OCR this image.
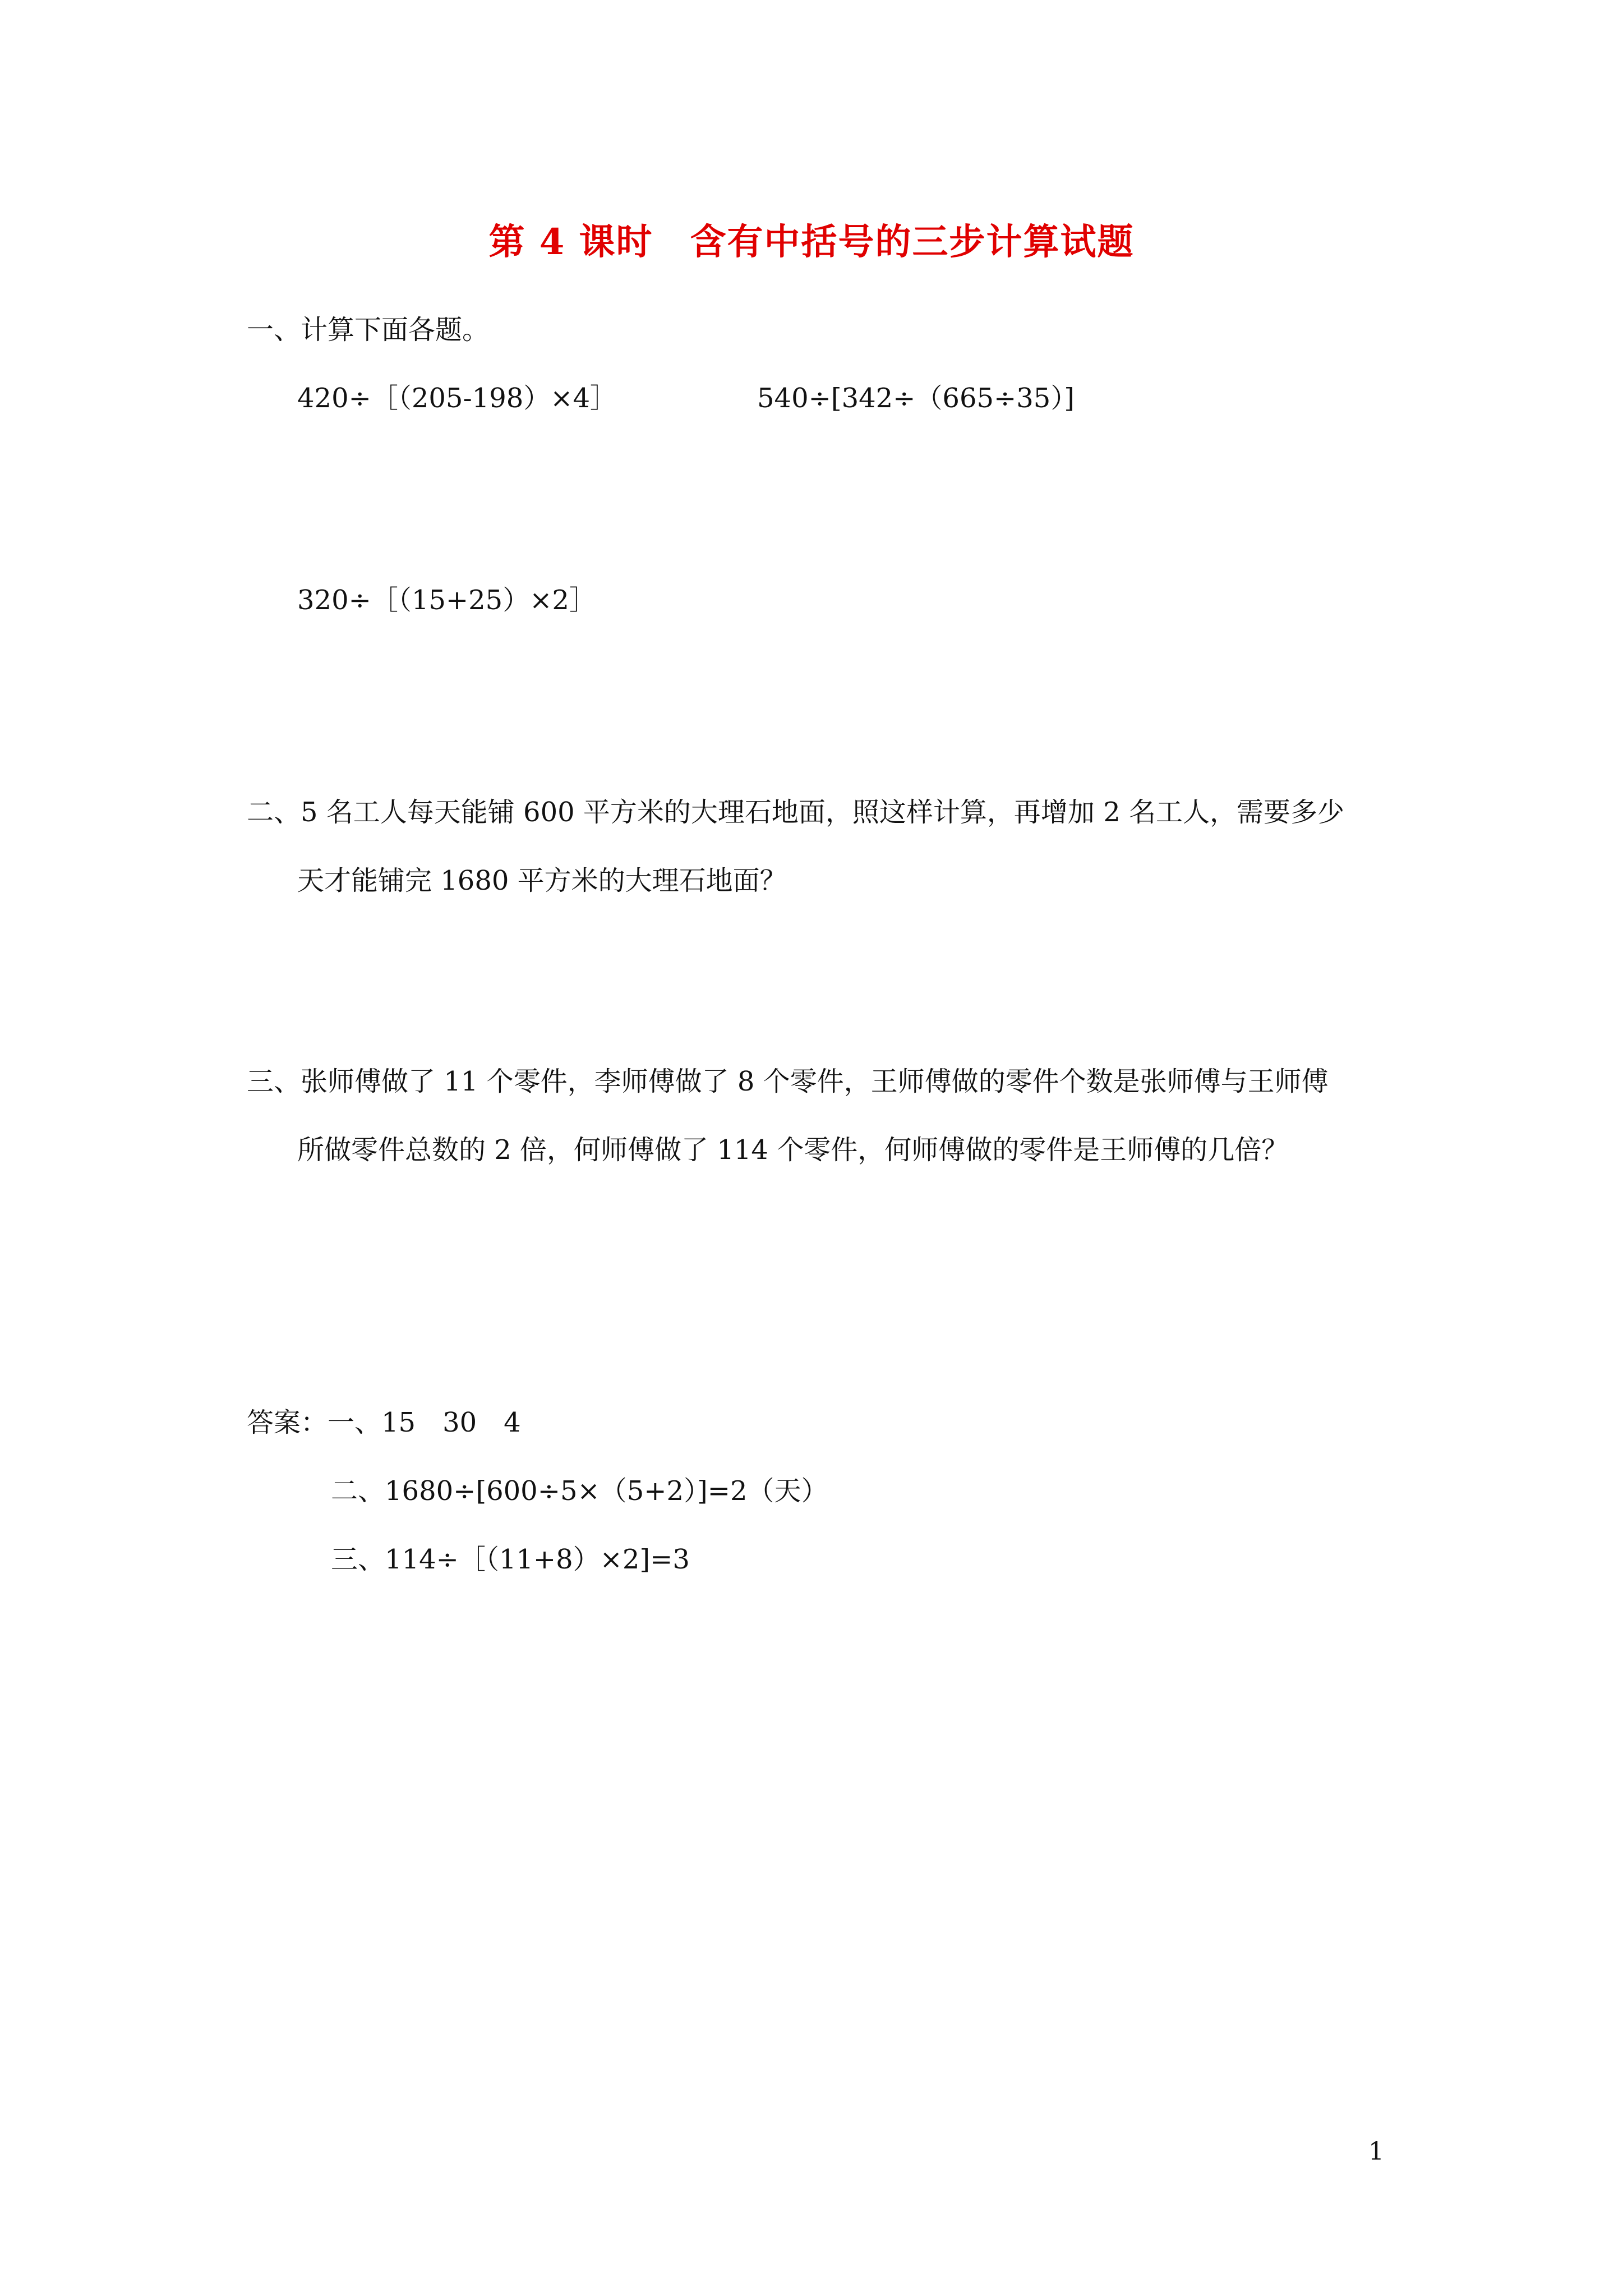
第 4 课时　含有中括号的三步计算试题
一、计算下面各题。
420÷［（205-198）×4］	540÷[342÷（665÷35）]
320÷［（15+25）×2］
二、5 名工人每天能铺 600 平方米的大理石地面，照这样计算，再增加 2 名工人，需要多少
天才能铺完 1680 平方米的大理石地面？
三、张师傅做了 11 个零件，李师傅做了 8 个零件，王师傅做的零件个数是张师傅与王师傅
所做零件总数的 2 倍，何师傅做了 114 个零件，何师傅做的零件是王师傅的几倍？
答案：一、15　30　4
二、1680÷[600÷5×（5+2）]=2（天）
三、114÷［（11+8）×2]=3
1
